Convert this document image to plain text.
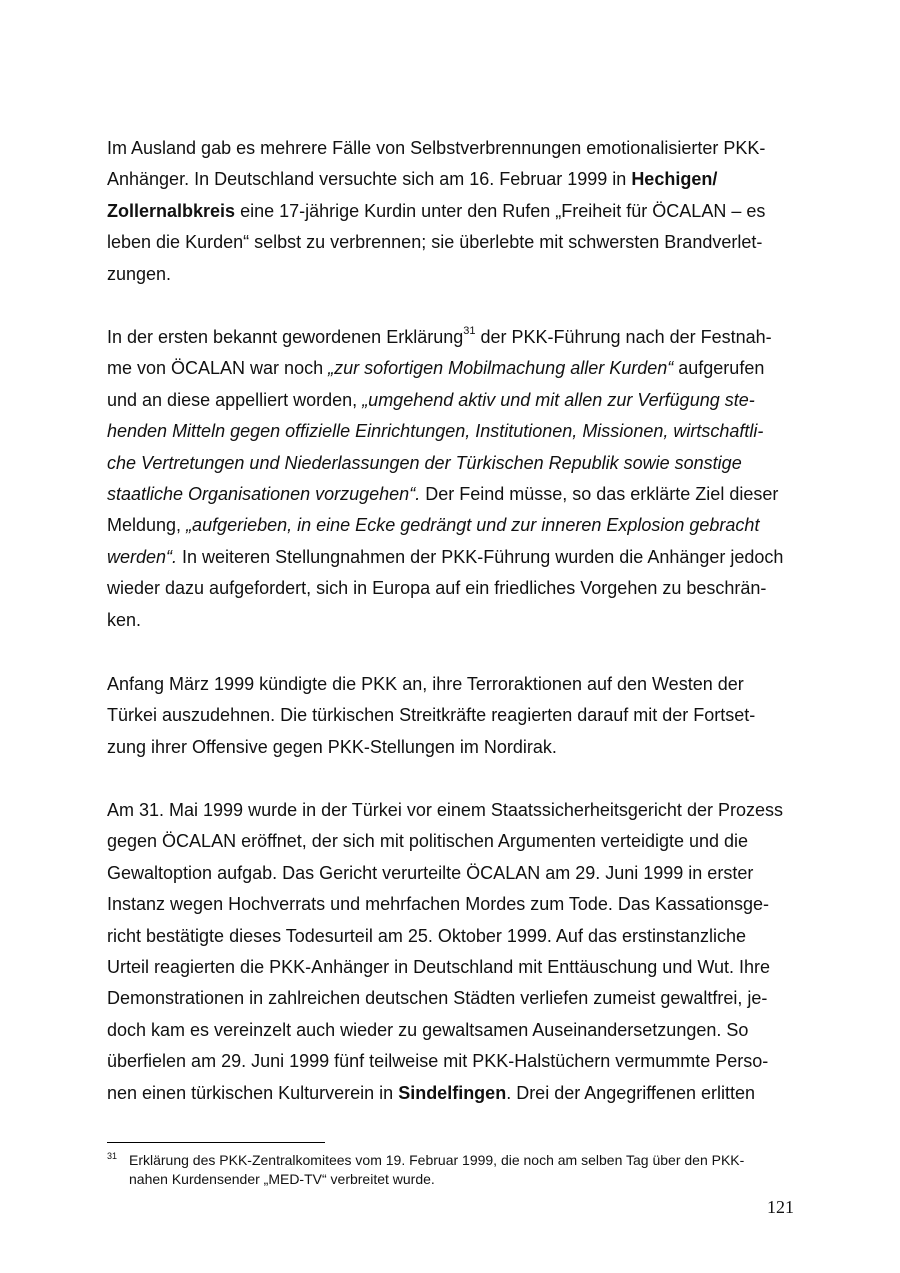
Im Ausland gab es mehrere Fälle von Selbstverbrennungen emotionalisierter PKK-
Anhänger. In Deutschland versuchte sich am 16. Februar 1999 in Hechigen/
Zollernalbkreis eine 17-jährige Kurdin unter den Rufen „Freiheit für ÖCALAN – es
leben die Kurden“ selbst zu verbrennen; sie überlebte mit schwersten Brandverlet-
zungen.
In der ersten bekannt gewordenen Erklärung$^{31}$ der PKK-Führung nach der Festnah-
me von ÖCALAN war noch „zur sofortigen Mobilmachung aller Kurden“ aufgerufen
und an diese appelliert worden, „umgehend aktiv und mit allen zur Verfügung ste-
henden Mitteln gegen offizielle Einrichtungen, Institutionen, Missionen, wirtschaftli-
che Vertretungen und Niederlassungen der Türkischen Republik sowie sonstige
staatliche Organisationen vorzugehen“. Der Feind müsse, so das erklärte Ziel dieser
Meldung, „aufgerieben, in eine Ecke gedrängt und zur inneren Explosion gebracht
werden“. In weiteren Stellungnahmen der PKK-Führung wurden die Anhänger jedoch
wieder dazu aufgefordert, sich in Europa auf ein friedliches Vorgehen zu beschrän-
ken.
Anfang März 1999 kündigte die PKK an, ihre Terroraktionen auf den Westen der
Türkei auszudehnen. Die türkischen Streitkräfte reagierten darauf mit der Fortset-
zung ihrer Offensive gegen PKK-Stellungen im Nordirak.
Am 31. Mai 1999 wurde in der Türkei vor einem Staatssicherheitsgericht der Prozess
gegen ÖCALAN eröffnet, der sich mit politischen Argumenten verteidigte und die
Gewaltoption aufgab. Das Gericht verurteilte ÖCALAN am 29. Juni 1999 in erster
Instanz wegen Hochverrats und mehrfachen Mordes zum Tode. Das Kassationsge-
richt bestätigte dieses Todesurteil am 25. Oktober 1999. Auf das erstinstanzliche
Urteil reagierten die PKK-Anhänger in Deutschland mit Enttäuschung und Wut. Ihre
Demonstrationen in zahlreichen deutschen Städten verliefen zumeist gewaltfrei, je-
doch kam es vereinzelt auch wieder zu gewaltsamen Auseinandersetzungen. So
überfielen am 29. Juni 1999 fünf teilweise mit PKK-Halstüchern vermummte Perso-
nen einen türkischen Kulturverein in Sindelfingen. Drei der Angegriffenen erlitten
31 Erklärung des PKK-Zentralkomitees vom 19. Februar 1999, die noch am selben Tag über den PKK-
nahen Kurdensender „MED-TV“ verbreitet wurde.
121
